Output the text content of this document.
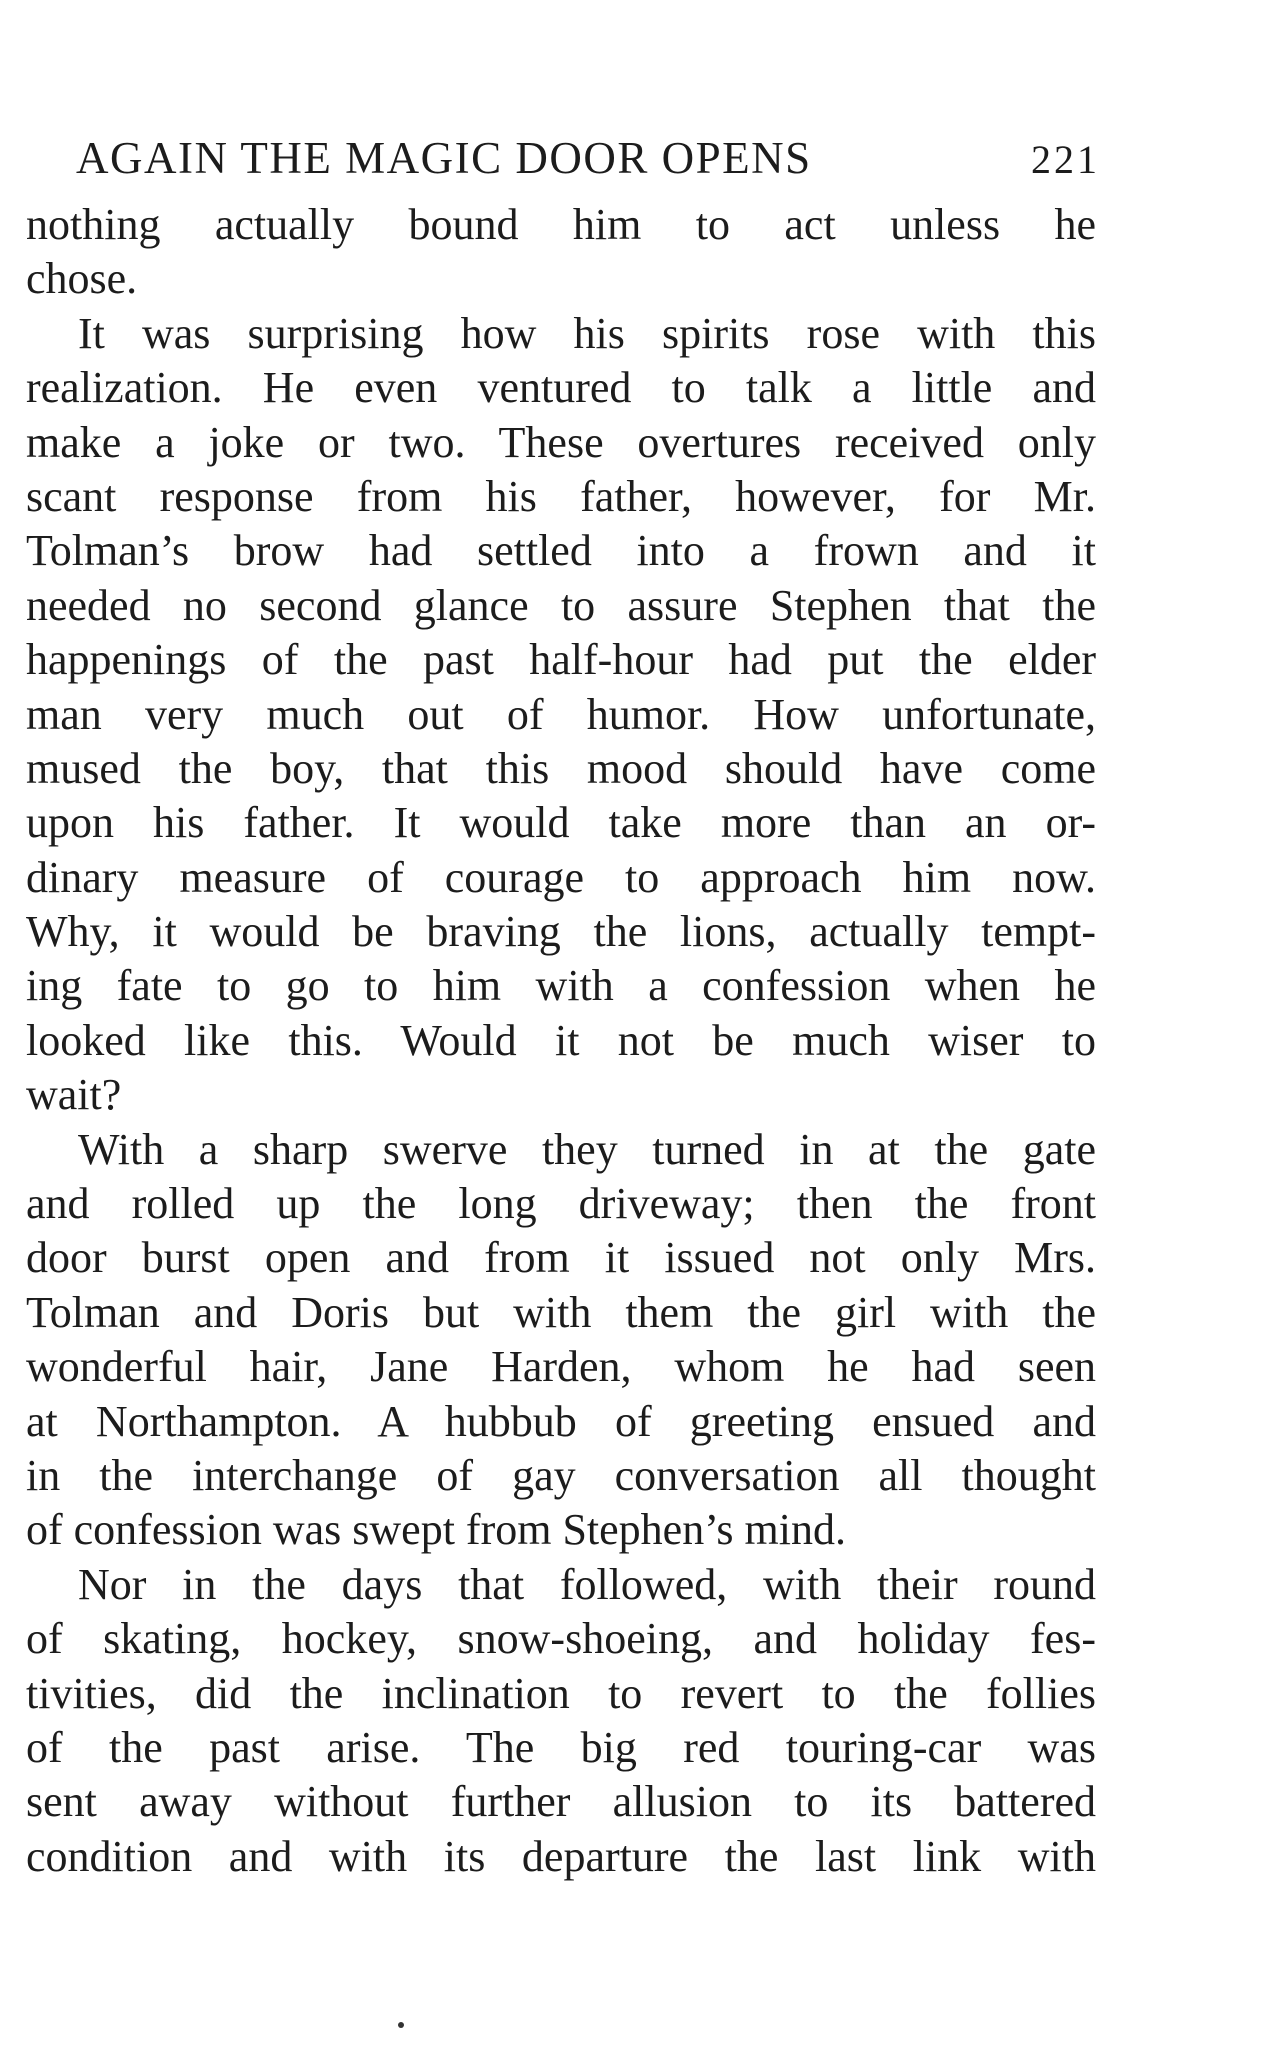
AGAIN THE MAGIC DOOR OPENS	221
nothing actually bound him to act unless he
chose.
It was surprising how his spirits rose with this
realization. He even ventured to talk a little and
make a joke or two. These overtures received only
scant response from his father, however, for Mr.
Tolman’s brow had settled into a frown and it
needed no second glance to assure Stephen that the
happenings of the past half-hour had put the elder
man very much out of humor. How unfortunate,
mused the boy, that this mood should have come
upon his father. It would take more than an or-
dinary measure of courage to approach him now.
Why, it would be braving the lions, actually tempt-
ing fate to go to him with a confession when he
looked like this. Would it not be much wiser to
wait?
With a sharp swerve they turned in at the gate
and rolled up the long driveway; then the front
door burst open and from it issued not only Mrs.
Tolman and Doris but with them the girl with the
wonderful hair, Jane Harden, whom he had seen
at Northampton. A hubbub of greeting ensued and
in the interchange of gay conversation all thought
of confession was swept from Stephen’s mind.
Nor in the days that followed, with their round
of skating, hockey, snow-shoeing, and holiday fes-
tivities, did the inclination to revert to the follies
of the past arise. The big red touring-car was
sent away without further allusion to its battered
condition and with its departure the last link with
